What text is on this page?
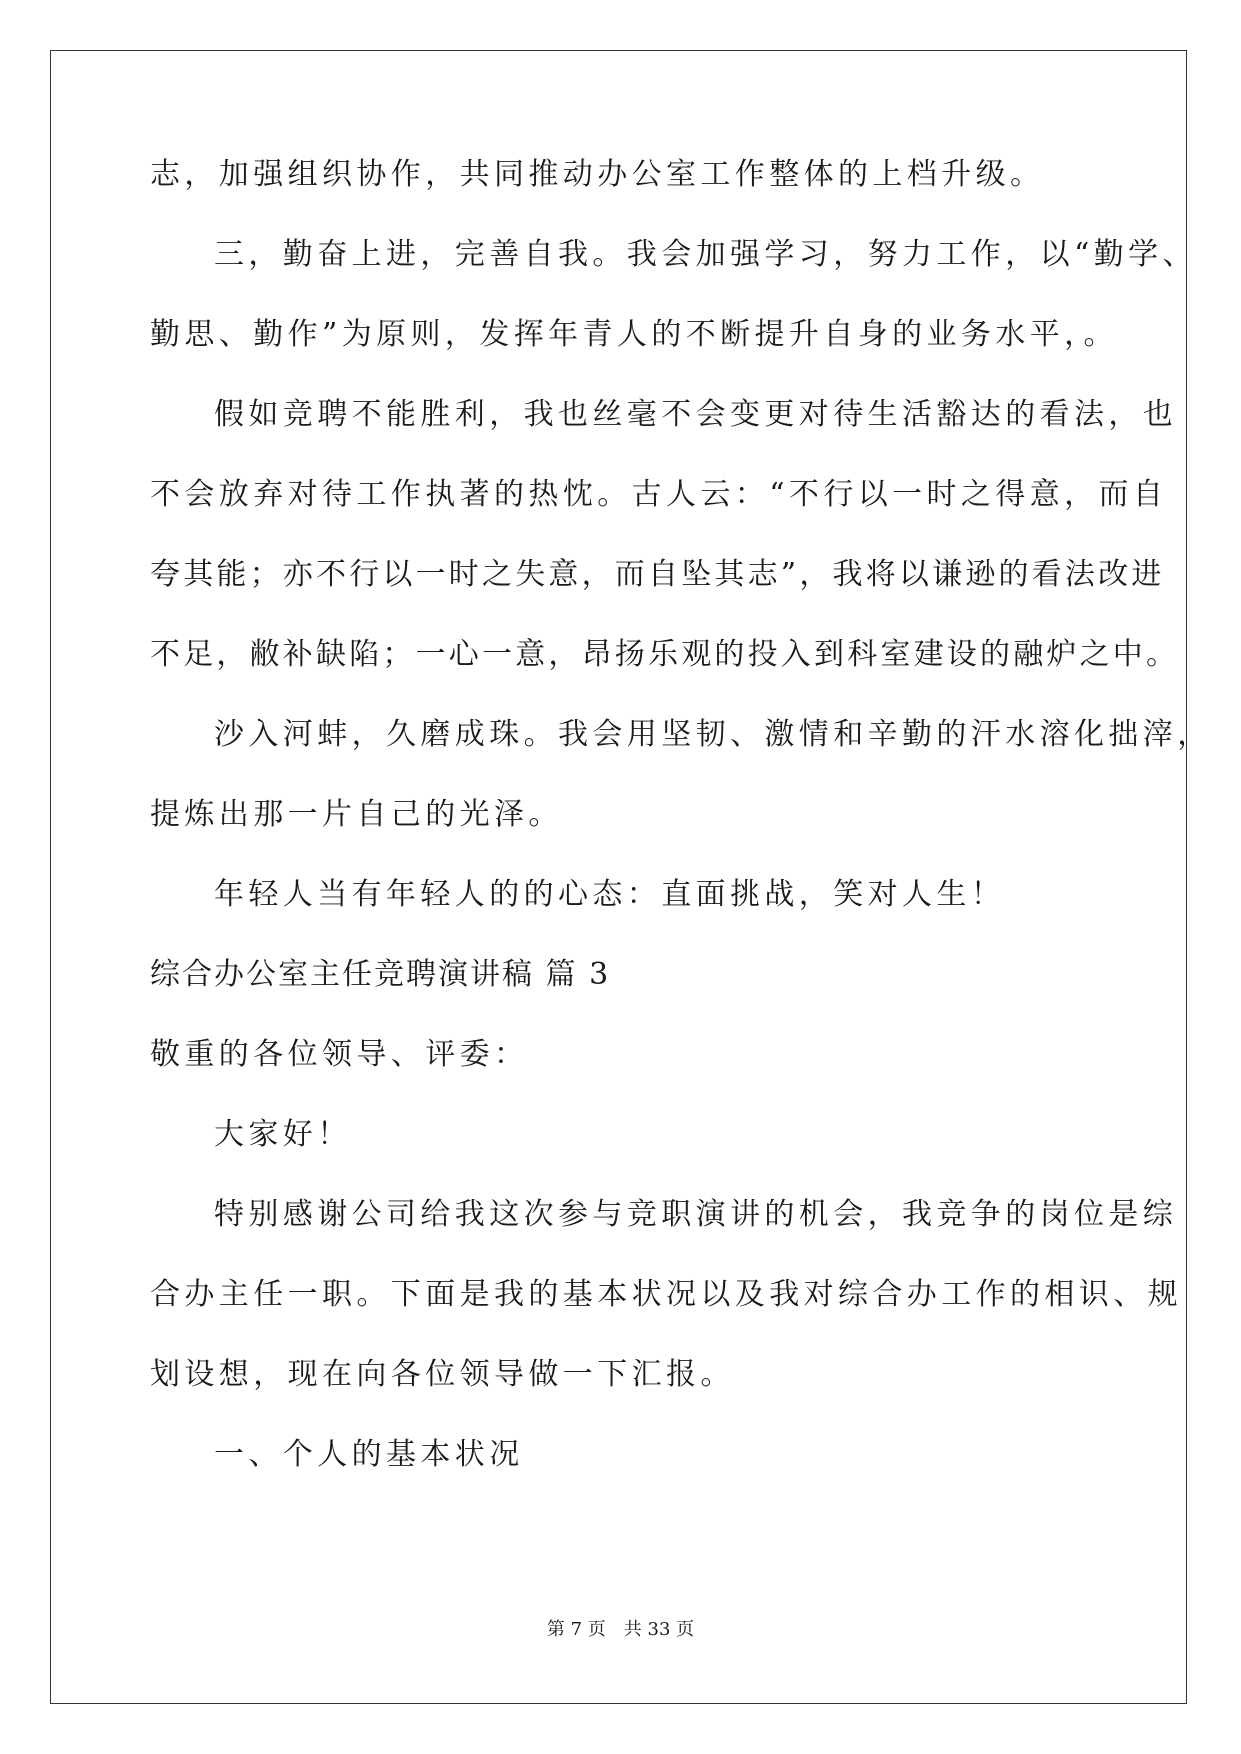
志，加强组织协作，共同推动办公室工作整体的上档升级。
三，勤奋上进，完善自我。我会加强学习，努力工作，以“勤学、
勤思、勤作”为原则，发挥年青人的不断提升自身的业务水平，。
假如竞聘不能胜利，我也丝毫不会变更对待生活豁达的看法，也
不会放弃对待工作执著的热忱。古人云：“不行以一时之得意，而自
夸其能；亦不行以一时之失意，而自坠其志”，我将以谦逊的看法改进
不足，敝补缺陷；一心一意，昂扬乐观的投入到科室建设的融炉之中。
沙入河蚌，久磨成珠。我会用坚韧、激情和辛勤的汗水溶化拙滓，
提炼出那一片自己的光泽。
年轻人当有年轻人的的心态：直面挑战，笑对人生！
综合办公室主任竞聘演讲稿 篇 3
敬重的各位领导、评委：
大家好！
特别感谢公司给我这次参与竞职演讲的机会，我竞争的岗位是综
合办主任一职。下面是我的基本状况以及我对综合办工作的相识、规
划设想，现在向各位领导做一下汇报。
一、个人的基本状况
第 7 页 共 33 页
